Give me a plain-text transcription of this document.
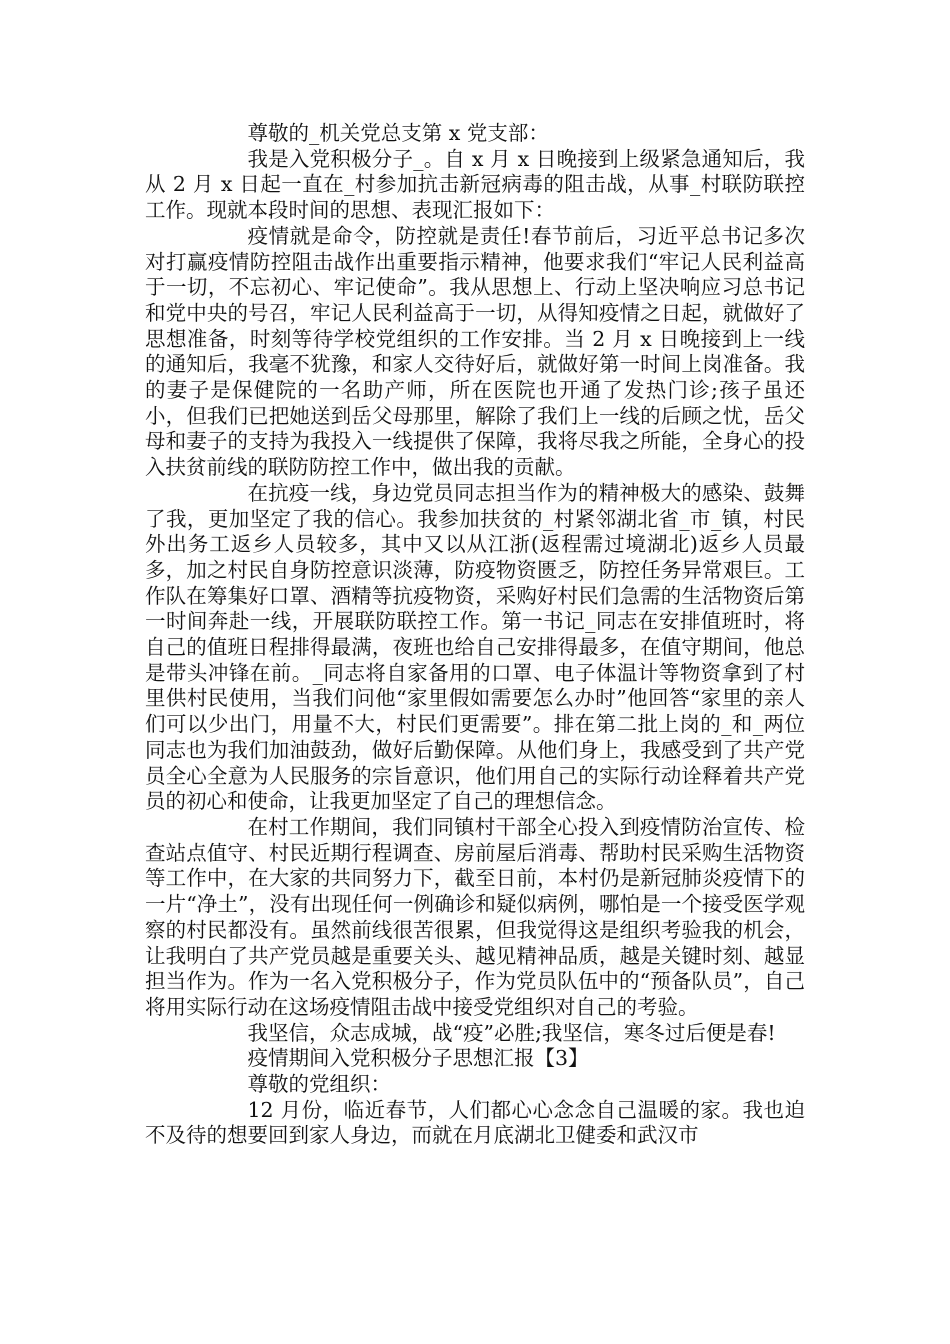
尊敬的_机关党总支第 x 党支部：

我是入党积极分子_。自 x 月 x 日晚接到上级紧急通知后，我从 2 月 x 日起一直在_村参加抗击新冠病毒的阻击战，从事_村联防联控工作。现就本段时间的思想、表现汇报如下：

疫情就是命令，防控就是责任!春节前后，习近平总书记多次对打赢疫情防控阻击战作出重要指示精神，他要求我们“牢记人民利益高于一切，不忘初心、牢记使命”。我从思想上、行动上坚决响应习总书记和党中央的号召，牢记人民利益高于一切，从得知疫情之日起，就做好了思想准备，时刻等待学校党组织的工作安排。当 2 月 x 日晚接到上一线的通知后，我毫不犹豫，和家人交待好后，就做好第一时间上岗准备。我的妻子是保健院的一名助产师，所在医院也开通了发热门诊;孩子虽还小，但我们已把她送到岳父母那里，解除了我们上一线的后顾之忧，岳父母和妻子的支持为我投入一线提供了保障，我将尽我之所能，全身心的投入扶贫前线的联防防控工作中，做出我的贡献。

在抗疫一线，身边党员同志担当作为的精神极大的感染、鼓舞了我，更加坚定了我的信心。我参加扶贫的_村紧邻湖北省_市_镇，村民外出务工返乡人员较多，其中又以从江浙(返程需过境湖北)返乡人员最多，加之村民自身防控意识淡薄，防疫物资匮乏，防控任务异常艰巨。工作队在筹集好口罩、酒精等抗疫物资，采购好村民们急需的生活物资后第一时间奔赴一线，开展联防联控工作。第一书记_同志在安排值班时，将自己的值班日程排得最满，夜班也给自己安排得最多，在值守期间，他总是带头冲锋在前。_同志将自家备用的口罩、电子体温计等物资拿到了村里供村民使用，当我们问他“家里假如需要怎么办时”他回答“家里的亲人们可以少出门，用量不大，村民们更需要”。排在第二批上岗的_和_两位同志也为我们加油鼓劲，做好后勤保障。从他们身上，我感受到了共产党员全心全意为人民服务的宗旨意识，他们用自己的实际行动诠释着共产党员的初心和使命，让我更加坚定了自己的理想信念。

在村工作期间，我们同镇村干部全心投入到疫情防治宣传、检查站点值守、村民近期行程调查、房前屋后消毒、帮助村民采购生活物资等工作中，在大家的共同努力下，截至日前，本村仍是新冠肺炎疫情下的一片“净土”，没有出现任何一例确诊和疑似病例，哪怕是一个接受医学观察的村民都没有。虽然前线很苦很累，但我觉得这是组织考验我的机会，让我明白了共产党员越是重要关头、越见精神品质，越是关键时刻、越显担当作为。作为一名入党积极分子，作为党员队伍中的“预备队员”，自己将用实际行动在这场疫情阻击战中接受党组织对自己的考验。

我坚信，众志成城，战“疫”必胜;我坚信，寒冬过后便是春!

疫情期间入党积极分子思想汇报【3】

尊敬的党组织：

12 月份，临近春节，人们都心心念念自己温暖的家。我也迫不及待的想要回到家人身边，而就在月底湖北卫健委和武汉市
